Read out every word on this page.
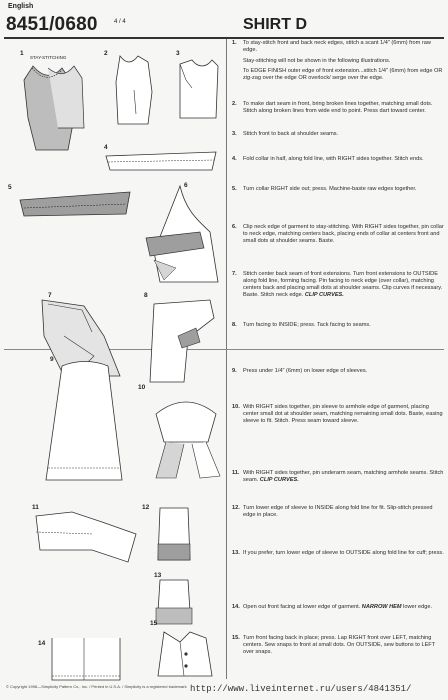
English
8451/0680	4 / 4	SHIRT D
1
STAY-STITCHING
2	3
4
5	6
7	8
9
10
11	12
13
14
15
1.	To stay-stitch front and back neck edges, stitch a scant 1/4" (6mm) from raw edge.
Stay-stitching will not be shown in the following illustrations.
To EDGE FINISH outer edge of front extension...stitch 1/4" (6mm) from edge OR zig-zag over the edge OR overlock/ serge over the edge.
2.	To make dart seam in front, bring broken lines together, matching small dots. Stitch along broken lines from wide end to point. Press dart toward center.
3.	Stitch front to back at shoulder seams.
4.	Fold collar in half, along fold line, with RIGHT sides together. Stitch ends.
5.	Turn collar RIGHT side out; press. Machine-baste raw edges together.
6.	Clip neck edge of garment to stay-stitching. With RIGHT sides together, pin collar to neck edge, matching centers back, placing ends of collar at centers front and small dots at shoulder seams. Baste.
7.	Stitch center back seam of front extensions. Turn front extensions to OUTSIDE along fold line, forming facing. Pin facing to neck edge (over collar), matching centers back and placing small dots at shoulder seams. Clip curves if necessary. Baste. Stitch neck edge. CLIP CURVES.
8.	Turn facing to INSIDE; press. Tack facing to seams.
9.	Press under 1/4" (6mm) on lower edge of sleeves.
10. With RIGHT sides together, pin sleeve to armhole edge of garment, placing center small dot at shoulder seam, matching remaining small dots. Baste, easing sleeve to fit. Stitch. Press seam toward sleeve.
11. With RIGHT sides together, pin underarm seam, matching armhole seams. Stitch seam. CLIP CURVES.
12. Turn lower edge of sleeve to INSIDE along fold line for fit. Slip-stitch pressed edge in place.
13. If you prefer, turn lower edge of sleeve to OUTSIDE along fold line for cuff; press.
14. Open out front facing at lower edge of garment. NARROW HEM lower edge.
15. Turn front facing back in place; press. Lap RIGHT front over LEFT, matching centers. Sew snaps to front at small dots. On OUTSIDE, sew buttons to LEFT over snaps.
© Copyright 1996—Simplicity Pattern Co., Inc. / Printed in U.S.A. / Simplicity is a registered trademark http://www.liveinternet.ru/users/4841351/
